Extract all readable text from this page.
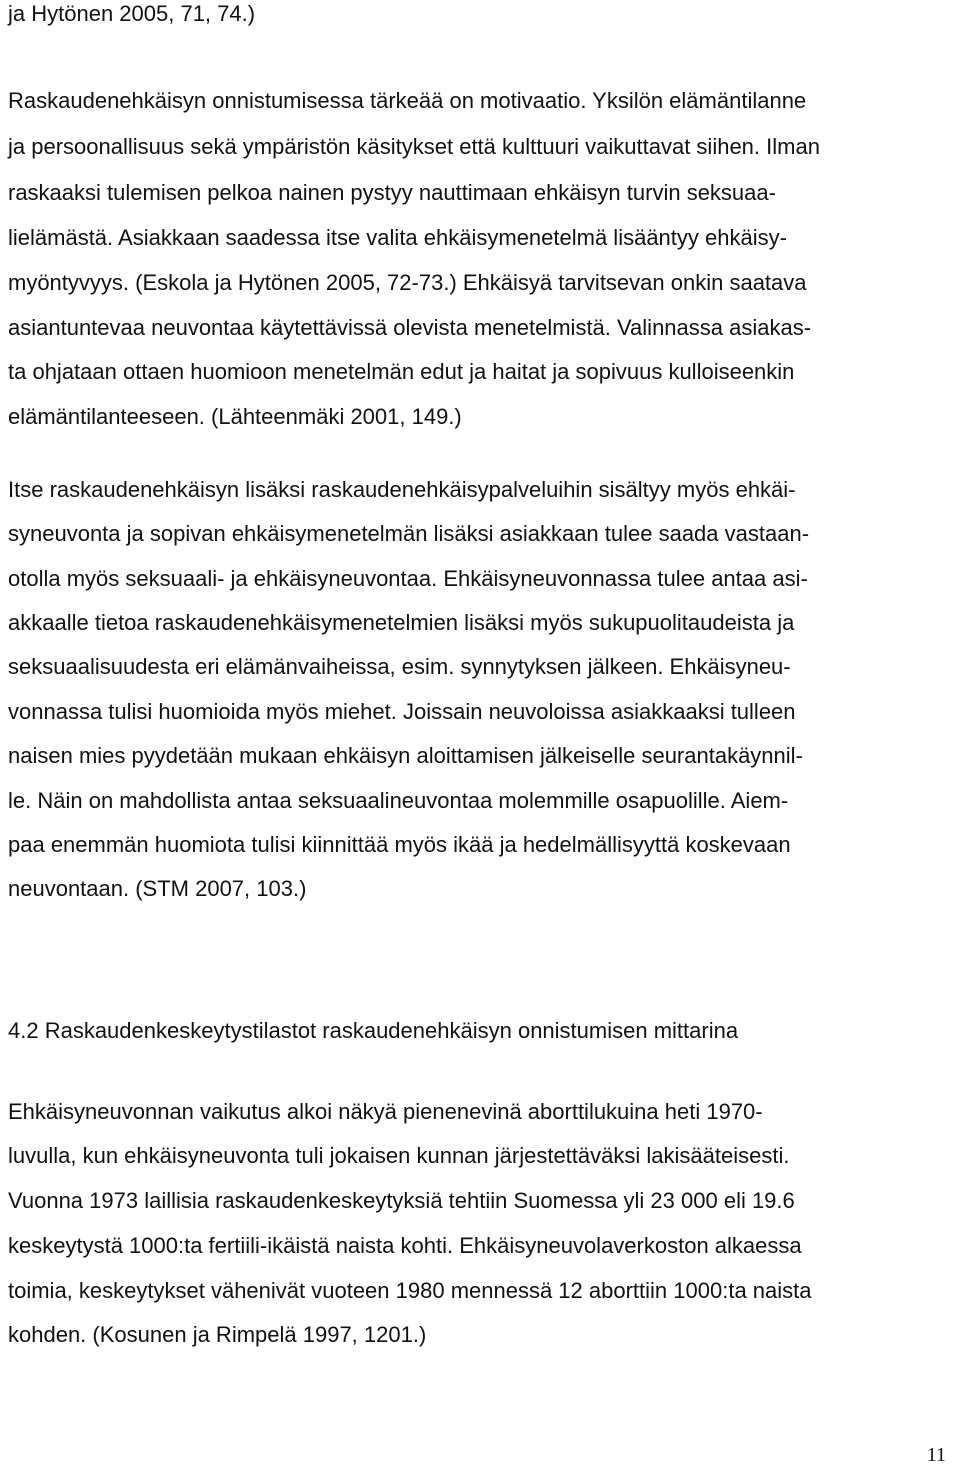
ja Hytönen 2005, 71, 74.)
Raskaudenehkäisyn onnistumisessa tärkeää on motivaatio. Yksilön elämäntilanne
ja persoonallisuus sekä ympäristön käsitykset että kulttuuri vaikuttavat siihen. Ilman
raskaaksi tulemisen pelkoa nainen pystyy nauttimaan ehkäisyn turvin seksuaa-
lielämästä. Asiakkaan saadessa itse valita ehkäisymenetelmä lisääntyy ehkäisy-
myöntyvyys. (Eskola ja Hytönen 2005, 72-73.) Ehkäisyä tarvitsevan onkin saatava
asiantuntevaa neuvontaa käytettävissä olevista menetelmistä. Valinnassa asiakas-
ta ohjataan ottaen huomioon menetelmän edut ja haitat ja sopivuus kulloiseenkin
elämäntilanteeseen. (Lähteenmäki 2001, 149.)
Itse raskaudenehkäisyn lisäksi raskaudenehkäisypalveluihin sisältyy myös ehkäi-
syneuvonta ja sopivan ehkäisymenetelmän lisäksi asiakkaan tulee saada vastaan-
otolla myös seksuaali- ja ehkäisyneuvontaa. Ehkäisyneuvonnassa tulee antaa asi-
akkaalle tietoa raskaudenehkäisymenetelmien lisäksi myös sukupuolitaudeista ja
seksuaalisuudesta eri elämänvaiheissa, esim. synnytyksen jälkeen. Ehkäisyneu-
vonnassa tulisi huomioida myös miehet. Joissain neuvoloissa asiakkaaksi tulleen
naisen mies pyydetään mukaan ehkäisyn aloittamisen jälkeiselle seurantakäynnil-
le. Näin on mahdollista antaa seksuaalineuvontaa molemmille osapuolille. Aiem-
paa enemmän huomiota tulisi kiinnittää myös ikää ja hedelmällisyyttä koskevaan
neuvontaan. (STM 2007, 103.)
4.2 Raskaudenkeskeytystilastot raskaudenehkäisyn onnistumisen mittarina
Ehkäisyneuvonnan vaikutus alkoi näkyä pienenevinä aborttilukuina heti 1970-
luvulla, kun ehkäisyneuvonta tuli jokaisen kunnan järjestettäväksi lakisääteisesti.
Vuonna 1973 laillisia raskaudenkeskeytyksiä tehtiin Suomessa yli 23 000 eli 19.6
keskeytystä 1000:ta fertiili-ikäistä naista kohti. Ehkäisyneuvolaverkoston alkaessa
toimia, keskeytykset vähenivät vuoteen 1980 mennessä 12 aborttiin 1000:ta naista
kohden. (Kosunen ja Rimpelä 1997, 1201.)
11
